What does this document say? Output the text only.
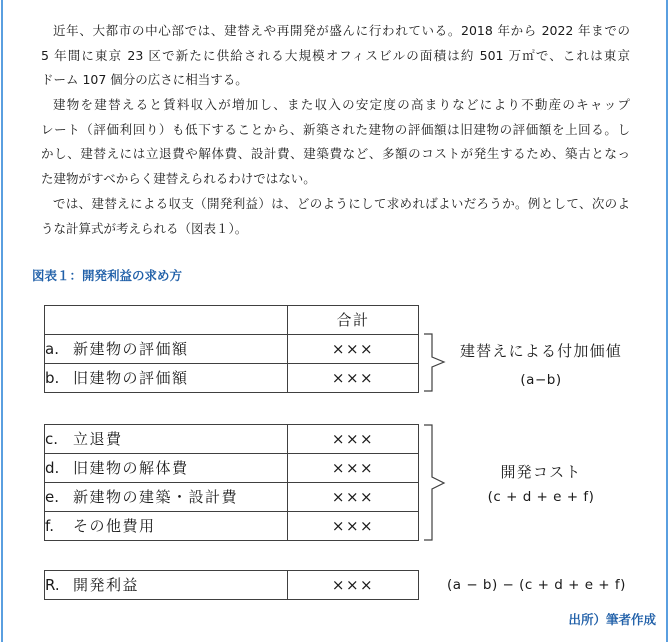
近年、大都市の中心部では、建替えや再開発が盛んに行われている。2018 年から 2022 年までの
5 年間に東京 23 区で新たに供給される大規模オフィスビルの面積は約 501 万㎡で、これは東京
ドーム 107 個分の広さに相当する。
建物を建替えると賃料収入が増加し、また収入の安定度の高まりなどにより不動産のキャップ
レート（評価利回り）も低下することから、新築された建物の評価額は旧建物の評価額を上回る。し
かし、建替えには立退費や解体費、設計費、建築費など、多額のコストが発生するため、築古となっ
た建物がすべからく建替えられるわけではない。
では、建替えによる収支（開発利益）は、どのようにして求めればよいだろうか。例として、次のよ
うな計算式が考えられる（図表１）。
図表１：開発利益の求め方
	合計
a. 新建物の評価額	×××
b. 旧建物の評価額	×××
c. 立退費	×××
d. 旧建物の解体費	×××
e. 新建物の建築・設計費	×××
f. その他費用	×××
R. 開発利益	×××
建替えによる付加価値
(a−b)
開発コスト
(c + d + e + f)
(a − b) − (c + d + e + f)
出所）筆者作成
